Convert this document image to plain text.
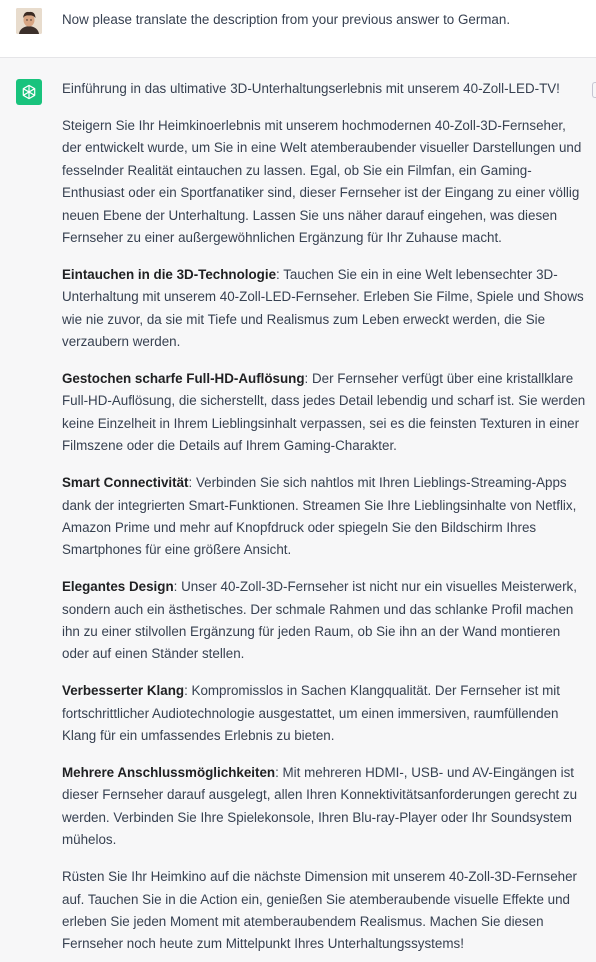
Now please translate the description from your previous answer to German.

Einführung in das ultimative 3D-Unterhaltungserlebnis mit unserem 40-Zoll-LED-TV!

Steigern Sie Ihr Heimkinoerlebnis mit unserem hochmodernen 40-Zoll-3D-Fernseher, der entwickelt wurde, um Sie in eine Welt atemberaubender visueller Darstellungen und fesselnder Realität eintauchen zu lassen. Egal, ob Sie ein Filmfan, ein Gaming-Enthusiast oder ein Sportfanatiker sind, dieser Fernseher ist der Eingang zu einer völlig neuen Ebene der Unterhaltung. Lassen Sie uns näher darauf eingehen, was diesen Fernseher zu einer außergewöhnlichen Ergänzung für Ihr Zuhause macht.

Eintauchen in die 3D-Technologie: Tauchen Sie ein in eine Welt lebensechter 3D-Unterhaltung mit unserem 40-Zoll-LED-Fernseher. Erleben Sie Filme, Spiele und Shows wie nie zuvor, da sie mit Tiefe und Realismus zum Leben erweckt werden, die Sie verzaubern werden.

Gestochen scharfe Full-HD-Auflösung: Der Fernseher verfügt über eine kristallklare Full-HD-Auflösung, die sicherstellt, dass jedes Detail lebendig und scharf ist. Sie werden keine Einzelheit in Ihrem Lieblingsinhalt verpassen, sei es die feinsten Texturen in einer Filmszene oder die Details auf Ihrem Gaming-Charakter.

Smart Connectivität: Verbinden Sie sich nahtlos mit Ihren Lieblings-Streaming-Apps dank der integrierten Smart-Funktionen. Streamen Sie Ihre Lieblingsinhalte von Netflix, Amazon Prime und mehr auf Knopfdruck oder spiegeln Sie den Bildschirm Ihres Smartphones für eine größere Ansicht.

Elegantes Design: Unser 40-Zoll-3D-Fernseher ist nicht nur ein visuelles Meisterwerk, sondern auch ein ästhetisches. Der schmale Rahmen und das schlanke Profil machen ihn zu einer stilvollen Ergänzung für jeden Raum, ob Sie ihn an der Wand montieren oder auf einen Ständer stellen.

Verbesserter Klang: Kompromisslos in Sachen Klangqualität. Der Fernseher ist mit fortschrittlicher Audiotechnologie ausgestattet, um einen immersiven, raumfüllenden Klang für ein umfassendes Erlebnis zu bieten.

Mehrere Anschlussmöglichkeiten: Mit mehreren HDMI-, USB- und AV-Eingängen ist dieser Fernseher darauf ausgelegt, allen Ihren Konnektivitätsanforderungen gerecht zu werden. Verbinden Sie Ihre Spielekonsole, Ihren Blu-ray-Player oder Ihr Soundsystem mühelos.

Rüsten Sie Ihr Heimkino auf die nächste Dimension mit unserem 40-Zoll-3D-Fernseher auf. Tauchen Sie in die Action ein, genießen Sie atemberaubende visuelle Effekte und erleben Sie jeden Moment mit atemberaubendem Realismus. Machen Sie diesen Fernseher noch heute zum Mittelpunkt Ihres Unterhaltungssystems!
